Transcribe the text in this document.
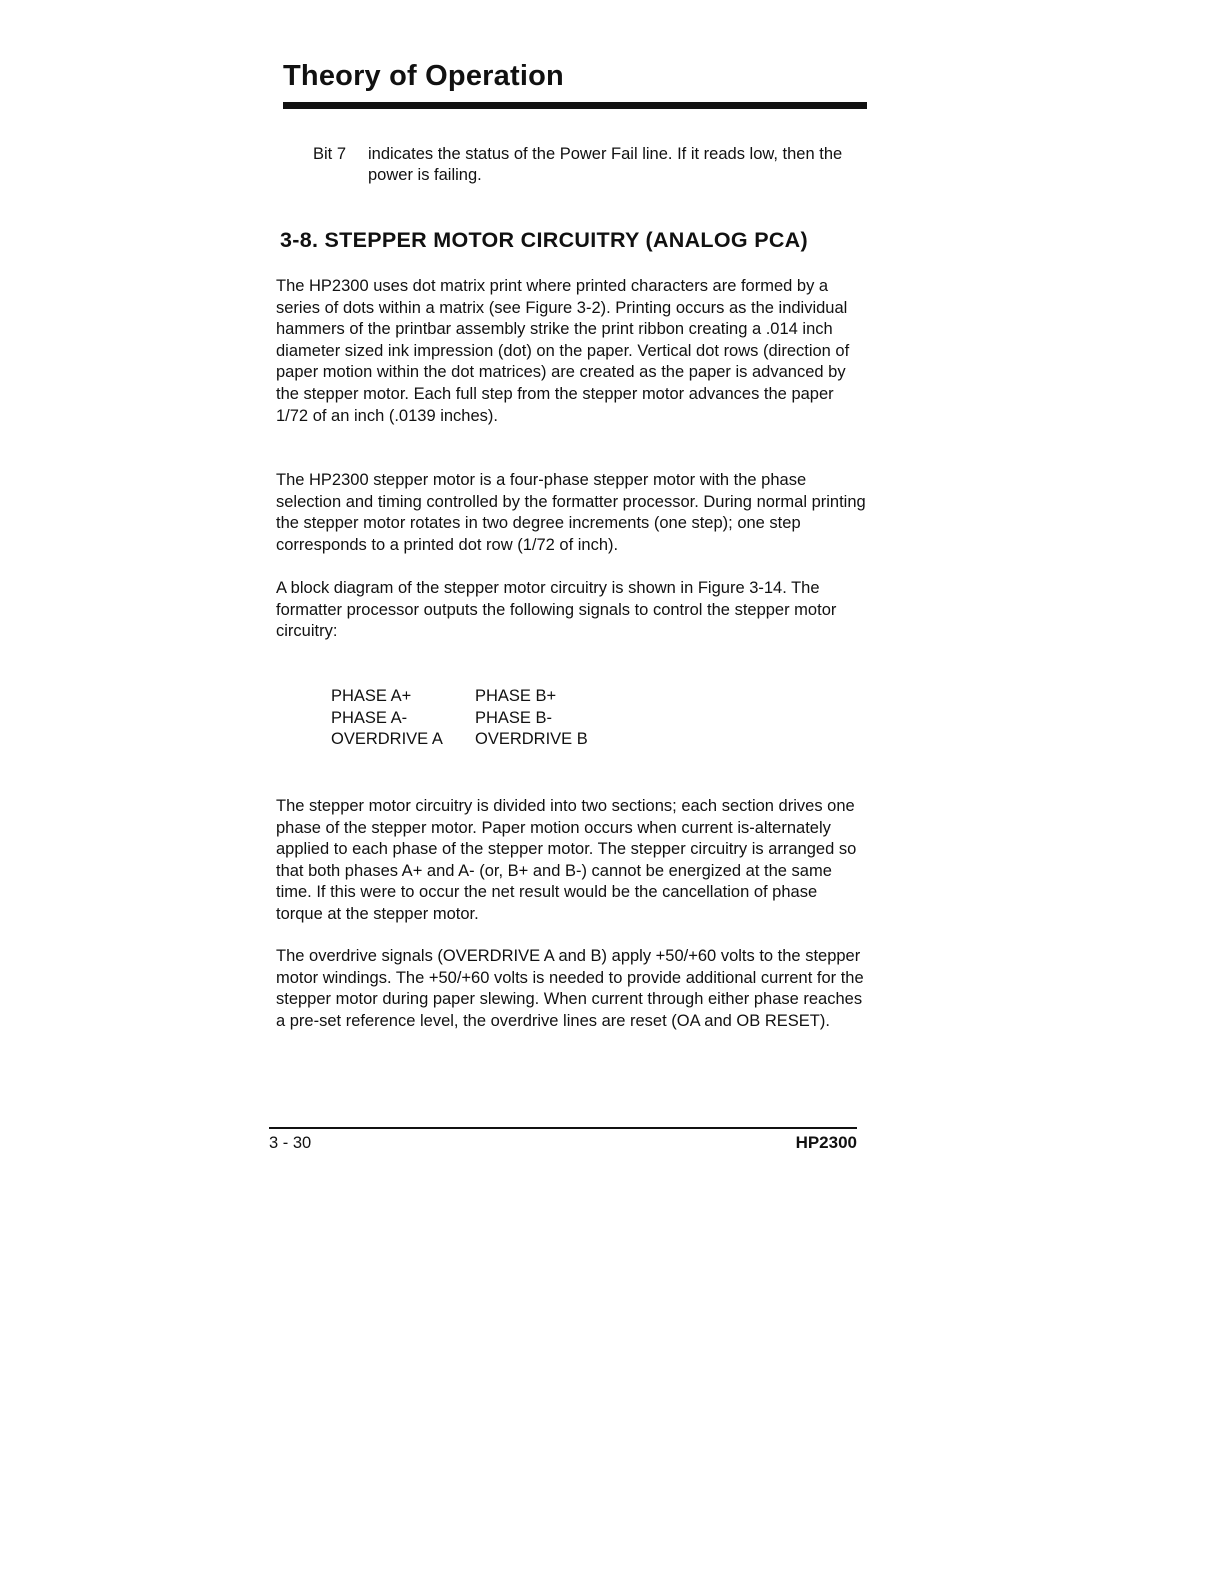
Theory of Operation
Bit 7 indicates the status of the Power Fail line. If it reads low, then the power is failing.
3-8. STEPPER MOTOR CIRCUITRY (ANALOG PCA)

The HP2300 uses dot matrix print where printed characters are formed by a series of dots within a matrix (see Figure 3-2). Printing occurs as the individual hammers of the printbar assembly strike the print ribbon creating a .014 inch diameter sized ink impression (dot) on the paper. Vertical dot rows (direction of paper motion within the dot matrices) are created as the paper is advanced by the stepper motor. Each full step from the stepper motor advances the paper 1/72 of an inch (.0139 inches).

The HP2300 stepper motor is a four-phase stepper motor with the phase selection and timing controlled by the formatter processor. During normal printing the stepper motor rotates in two degree increments (one step); one step corresponds to a printed dot row (1/72 of inch).

A block diagram of the stepper motor circuitry is shown in Figure 3-14. The formatter processor outputs the following signals to control the stepper motor circuitry:

PHASE A+	PHASE B+
PHASE A-	PHASE B-
OVERDRIVE A	OVERDRIVE B

The stepper motor circuitry is divided into two sections; each section drives one phase of the stepper motor. Paper motion occurs when current is-alternately applied to each phase of the stepper motor. The stepper circuitry is arranged so that both phases A+ and A- (or, B+ and B-) cannot be energized at the same time. If this were to occur the net result would be the cancellation of phase torque at the stepper motor.

The overdrive signals (OVERDRIVE A and B) apply +50/+60 volts to the stepper motor windings. The +50/+60 volts is needed to provide additional current for the stepper motor during paper slewing. When current through either phase reaches a pre-set reference level, the overdrive lines are reset (OA and OB RESET).

3 - 30	HP2300
